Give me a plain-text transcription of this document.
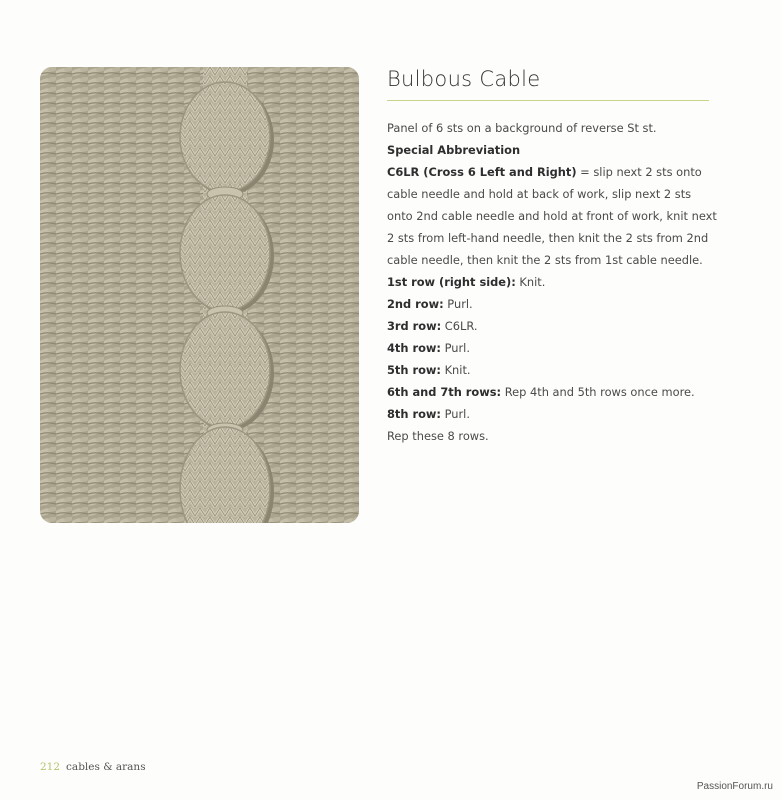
Bulbous Cable

Panel of 6 sts on a background of reverse St st.

Special Abbreviation

C6LR (Cross 6 Left and Right) = slip next 2 sts onto

cable needle and hold at back of work, slip next 2 sts

onto 2nd cable needle and hold at front of work, knit next

2 sts from left-hand needle, then knit the 2 sts from 2nd

cable needle, then knit the 2 sts from 1st cable needle.

1st row (right side): Knit.

2nd row: Purl.

3rd row: C6LR.

4th row: Purl.

5th row: Knit.

6th and 7th rows: Rep 4th and 5th rows once more.

8th row: Purl.

Rep these 8 rows.

212 cables & arans
PassionForum.ru
